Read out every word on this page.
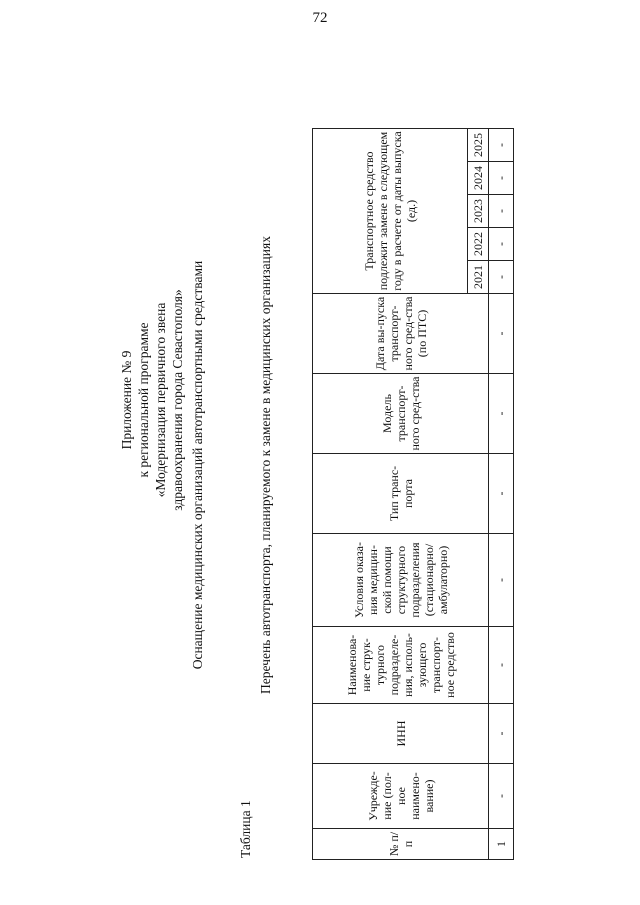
72
Приложение № 9 к региональной программе «Модернизация первичного звена здравоохранения города Севастополя» Оснащение медицинских организаций автотранспортными средствами
Таблица 1
Перечень автотранспорта, планируемого к замене в медицинских организациях
№ п/п	Учрежде-ние (пол-ное наимено-вание)	ИНН	Наименова-ние струк-турного подразделе-ния, исполь-зующего транспорт-ное средство	Условия оказа-ния медицин-ской помощи структурного подразделения (стационарно/ амбулаторно)	Тип транс-порта	Модель транспорт-ного сред-ства	Дата вы-пуска транспорт-ного сред-ства (по ПТС)	Транспортное средство подлежит замене в следующем году в расчете от даты выпуска (ед.)				
								2021	2022	2023	2024	2025
1	-	-	-	-	-	-	-	-	-	-	-	-
